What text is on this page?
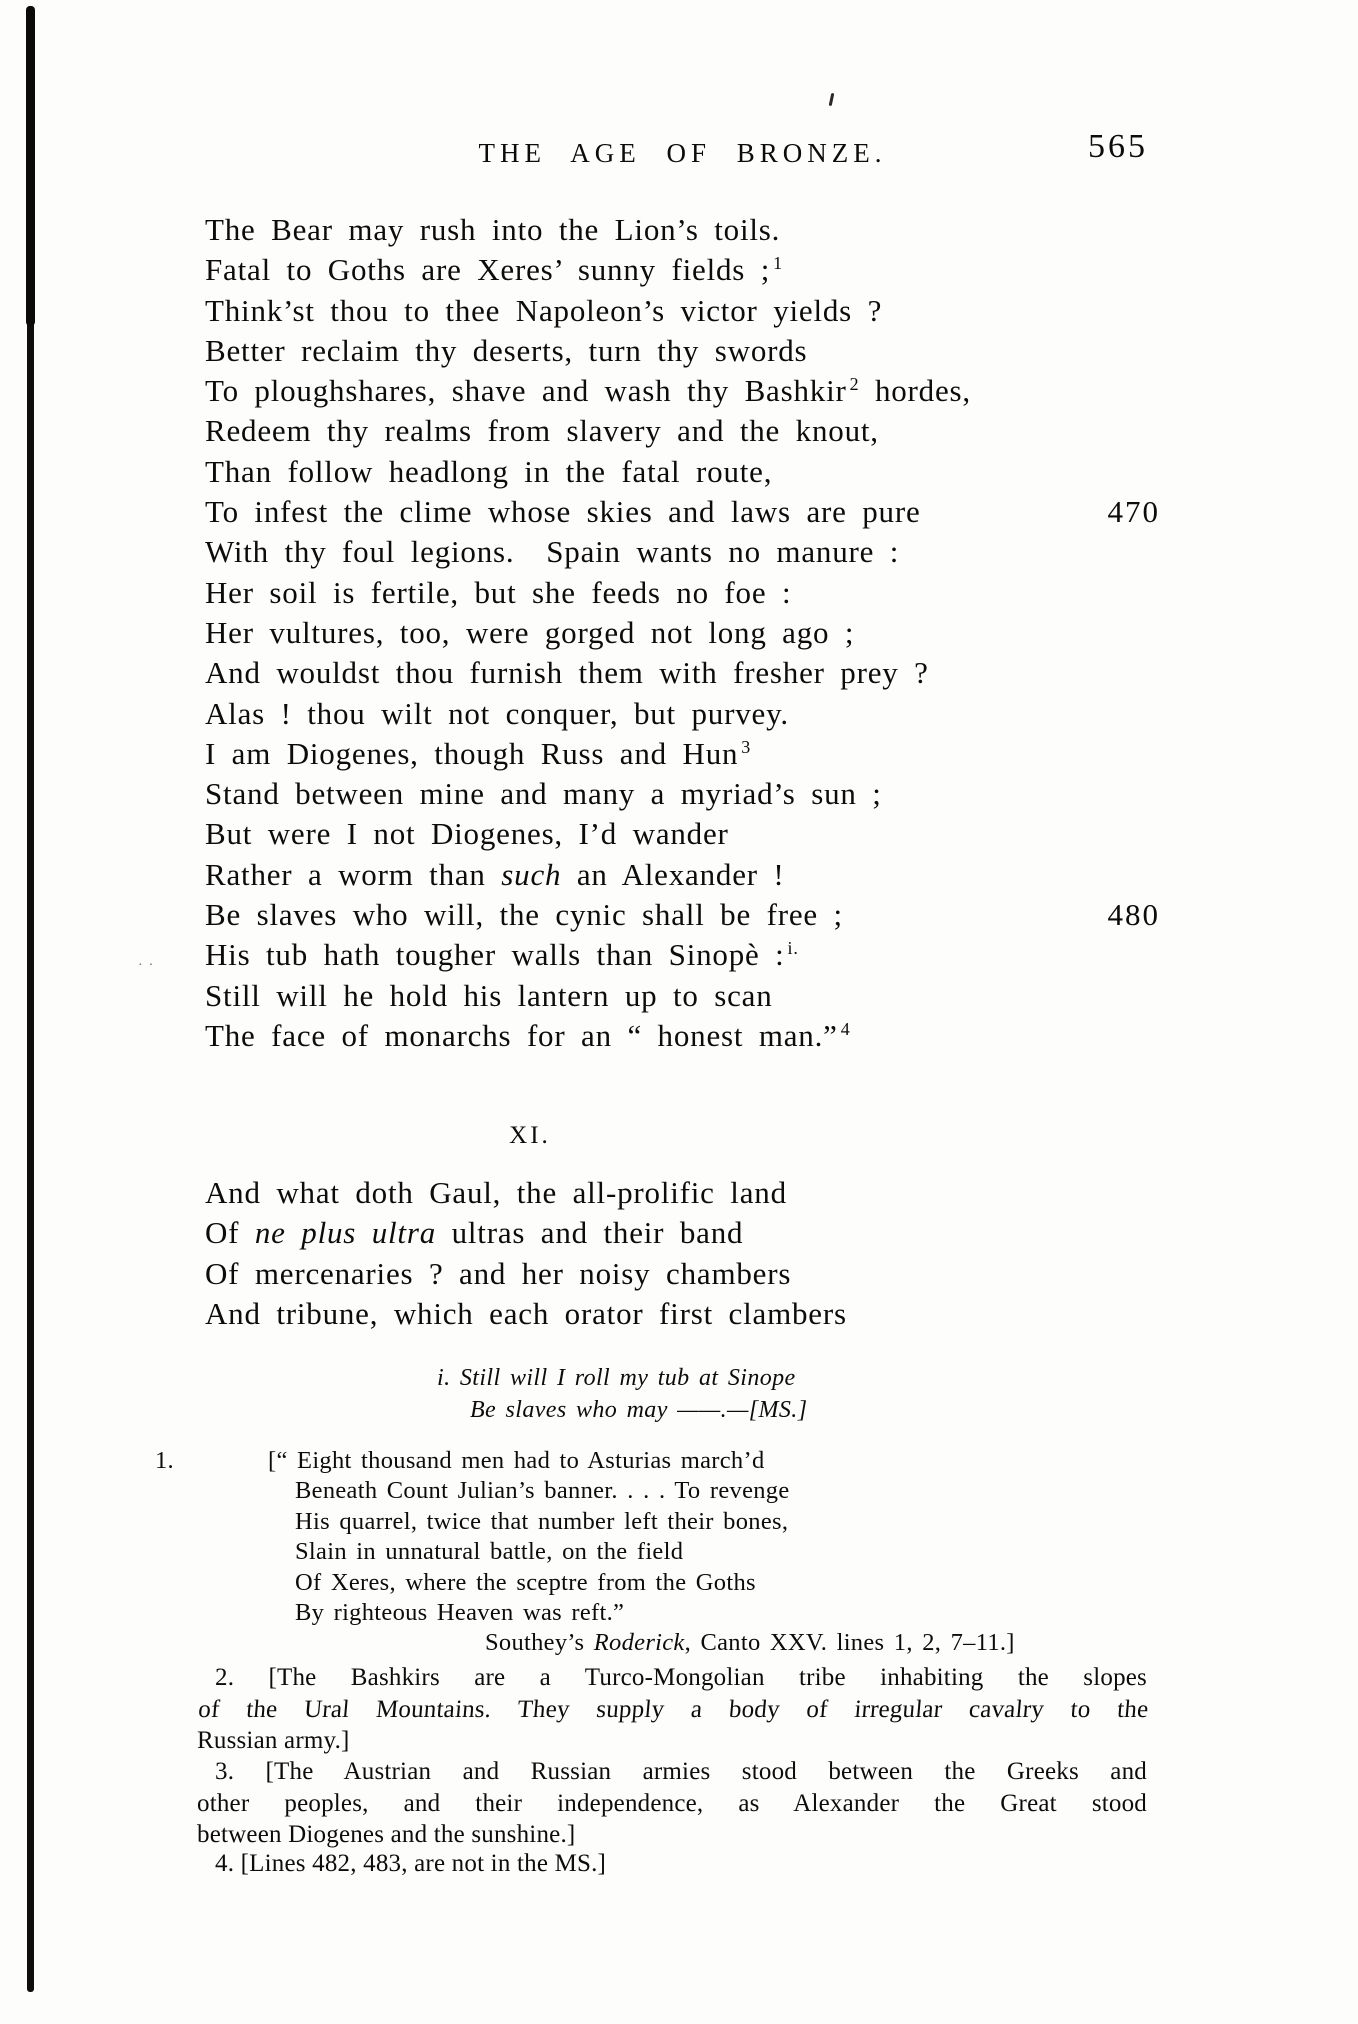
··
THE AGE OF BRONZE.	565
The Bear may rush into the Lion’s toils.
Fatal to Goths are Xeres’ sunny fields ; $^1$
Think’st thou to thee Napoleon’s victor yields ?
Better reclaim thy deserts, turn thy swords
To ploughshares, shave and wash thy Bashkir $^2$ hordes,
Redeem thy realms from slavery and the knout,
Than follow headlong in the fatal route,
To infest the clime whose skies and laws are pure	470
With thy foul legions. Spain wants no manure :
Her soil is fertile, but she feeds no foe :
Her vultures, too, were gorged not long ago ;
And wouldst thou furnish them with fresher prey ?
Alas ! thou wilt not conquer, but purvey.
I am Diogenes, though Russ and Hun $^3$
Stand between mine and many a myriad’s sun ;
But were I not Diogenes, I’d wander
Rather a worm than such an Alexander !
Be slaves who will, the cynic shall be free ;	480
His tub hath tougher walls than Sinopè : $^{i.}$
Still will he hold his lantern up to scan
The face of monarchs for an “ honest man.” $^4$
XI.
And what doth Gaul, the all-prolific land
Of ne plus ultra ultras and their band
Of mercenaries ? and her noisy chambers
And tribune, which each orator first clambers
i. Still will I roll my tub at Sinope
Be slaves who may ——.—[MS.]
1.	[“ Eight thousand men had to Asturias march’d
Beneath Count Julian’s banner. . . . To revenge
His quarrel, twice that number left their bones,
Slain in unnatural battle, on the field
Of Xeres, where the sceptre from the Goths
By righteous Heaven was reft.”
Southey’s Roderick, Canto XXV. lines 1, 2, 7–11.]
2. [The Bashkirs are a Turco-Mongolian tribe inhabiting the slopes
of the Ural Mountains. They supply a body of irregular cavalry to the
Russian army.]
3. [The Austrian and Russian armies stood between the Greeks and
other peoples, and their independence, as Alexander the Great stood
between Diogenes and the sunshine.]
4. [Lines 482, 483, are not in the MS.]
